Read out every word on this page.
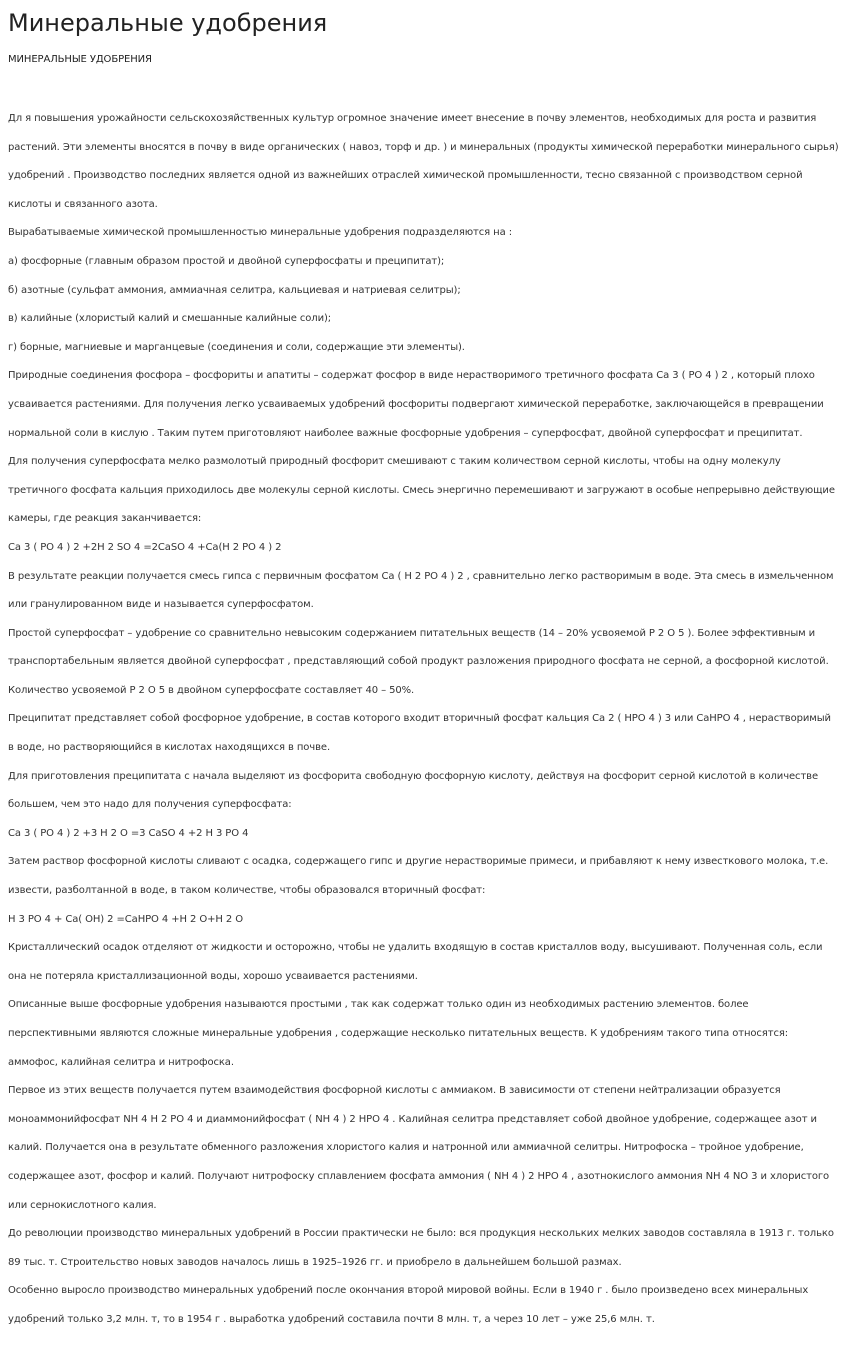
Минеральные удобрения
МИНЕРАЛЬНЫЕ УДОБРЕНИЯ

Дл я повышения урожайности сельскохозяйственных культур огромное значение имеет внесение в почву элементов, необходимых для роста и развития растений. Эти элементы вносятся в почву в виде органических ( навоз, торф и др. ) и минеральных (продукты химической переработки минерального сырья) удобрений . Производство последних является одной из важнейших отраслей химической промышленности, тесно связанной с производством серной кислоты и связанного азота.

Вырабатываемые химической промышленностью минеральные удобрения подразделяются на :

а) фосфорные (главным образом простой и двойной суперфосфаты и преципитат);

б) азотные (сульфат аммония, аммиачная селитра, кальциевая и натриевая селитры);

в) калийные (хлористый калий и смешанные калийные соли);

г) борные, магниевые и марганцевые (соединения и соли, содержащие эти элементы).

Природные соединения фосфора – фосфориты и апатиты – содержат фосфор в виде нерастворимого третичного фосфата Ca 3 ( PO 4 ) 2 , который плохо усваивается растениями. Для получения легко усваиваемых удобрений фосфориты подвергают химической переработке, заключающейся в превращении нормальной соли в кислую . Таким путем приготовляют наиболее важные фосфорные удобрения – суперфосфат, двойной суперфосфат и преципитат.

Для получения суперфосфата мелко размолотый природный фосфорит смешивают с таким количеством серной кислоты, чтобы на одну молекулу третичного фосфата кальция приходилось две молекулы серной кислоты. Смесь энергично перемешивают и загружают в особые непрерывно действующие камеры, где реакция заканчивается:

Ca 3 ( PO 4 ) 2 +2H 2 SO 4 =2CaSO 4 +Ca(H 2 PO 4 ) 2

В результате реакции получается смесь гипса с первичным фосфатом Ca ( H 2 PO 4 ) 2 , сравнительно легко растворимым в воде. Эта смесь в измельченном или гранулированном виде и называется суперфосфатом.

Простой суперфосфат – удобрение со сравнительно невысоким содержанием питательных веществ (14 – 20% усвояемой P 2 O 5 ). Более эффективным и транспортабельным является двойной суперфосфат , представляющий собой продукт разложения природного фосфата не серной, а фосфорной кислотой. Количество усвояемой P 2 O 5 в двойном суперфосфате составляет 40 – 50%.

Преципитат представляет собой фосфорное удобрение, в состав которого входит вторичный фосфат кальция Ca 2 ( HPO 4 ) 3 или CaHPO 4 , нерастворимый в воде, но растворяющийся в кислотах находящихся в почве.

Для приготовления преципитата с начала выделяют из фосфорита свободную фосфорную кислоту, действуя на фосфорит серной кислотой в количестве большем, чем это надо для получения суперфосфата:

Ca 3 ( PO 4 ) 2 +3 H 2 O =3 CaSO 4 +2 H 3 PO 4

Затем раствор фосфорной кислоты сливают с осадка, содержащего гипс и другие нерастворимые примеси, и прибавляют к нему известкового молока, т.е. извести, разболтанной в воде, в таком количестве, чтобы образовался вторичный фосфат:

H 3 PO 4 + Ca( OH) 2 =CaHPO 4 +H 2 O+H 2 O

Кристаллический осадок отделяют от жидкости и осторожно, чтобы не удалить входящую в состав кристаллов воду, высушивают. Полученная соль, если она не потеряла кристаллизационной воды, хорошо усваивается растениями.

Описанные выше фосфорные удобрения называются простыми , так как содержат только один из необходимых растению элементов. более перспективными являются сложные минеральные удобрения , содержащие несколько питательных веществ. К удобрениям такого типа относятся: аммофос, калийная селитра и нитрофоска.

Первое из этих веществ получается путем взаимодействия фосфорной кислоты с аммиаком. В зависимости от степени нейтрализации образуется моноаммонийфосфат NH 4 H 2 PO 4 и диаммонийфосфат ( NH 4 ) 2 HPO 4 . Калийная селитра представляет собой двойное удобрение, содержащее азот и калий. Получается она в результате обменного разложения хлористого калия и натронной или аммиачной селитры. Нитрофоска – тройное удобрение, содержащее азот, фосфор и калий. Получают нитрофоску сплавлением фосфата аммония ( NH 4 ) 2 HPO 4 , азотнокислого аммония NH 4 NO 3 и хлористого или сернокислотного калия.

До революции производство минеральных удобрений в России практически не было: вся продукция нескольких мелких заводов составляла в 1913 г. только 89 тыс. т. Строительство новых заводов началось лишь в 1925–1926 гг. и приобрело в дальнейшем большой размах.

Особенно выросло производство минеральных удобрений после окончания второй мировой войны. Если в 1940 г . было произведено всех минеральных удобрений только 3,2 млн. т, то в 1954 г . выработка удобрений составила почти 8 млн. т, а через 10 лет – уже 25,6 млн. т.
